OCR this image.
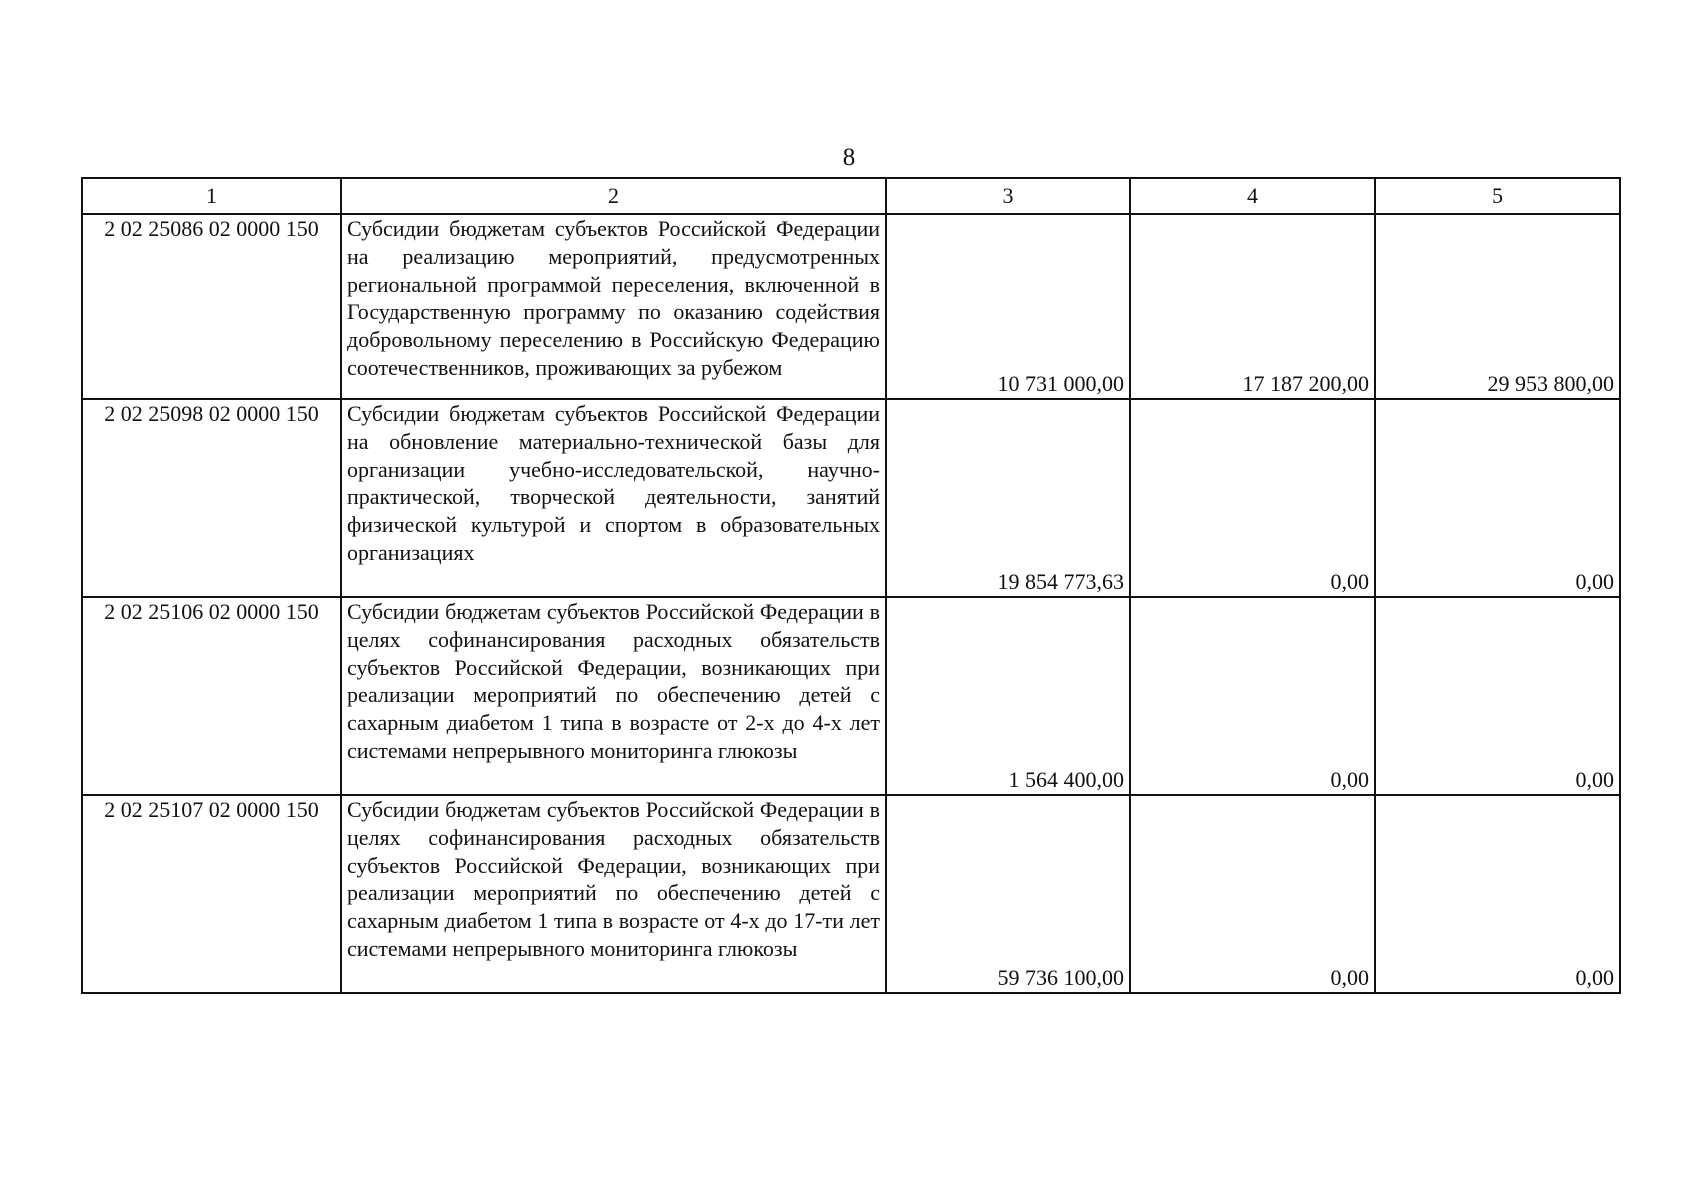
8
1	2	3	4	5
2 02 25086 02 0000 150	Субсидии бюджетам субъектов Российской Федерации на реализацию мероприятий, предусмотренных региональной программой переселения, включенной в Государственную программу по оказанию содействия добровольному переселению в Российскую Федерацию соотечественников, проживающих за рубежом	10 731 000,00	17 187 200,00	29 953 800,00
2 02 25098 02 0000 150	Субсидии бюджетам субъектов Российской Федерации на обновление материально-технической базы для организации учебно-исследовательской, научно-практической, творческой деятельности, занятий физической культурой и спортом в образовательных организациях	19 854 773,63	0,00	0,00
2 02 25106 02 0000 150	Субсидии бюджетам субъектов Российской Федерации в целях софинансирования расходных обязательств субъектов Российской Федерации, возникающих при реализации мероприятий по обеспечению детей с сахарным диабетом 1 типа в возрасте от 2-х до 4-х лет системами непрерывного мониторинга глюкозы	1 564 400,00	0,00	0,00
2 02 25107 02 0000 150	Субсидии бюджетам субъектов Российской Федерации в целях софинансирования расходных обязательств субъектов Российской Федерации, возникающих при реализации мероприятий по обеспечению детей с сахарным диабетом 1 типа в возрасте от 4-х до 17-ти лет системами непрерывного мониторинга глюкозы	59 736 100,00	0,00	0,00
